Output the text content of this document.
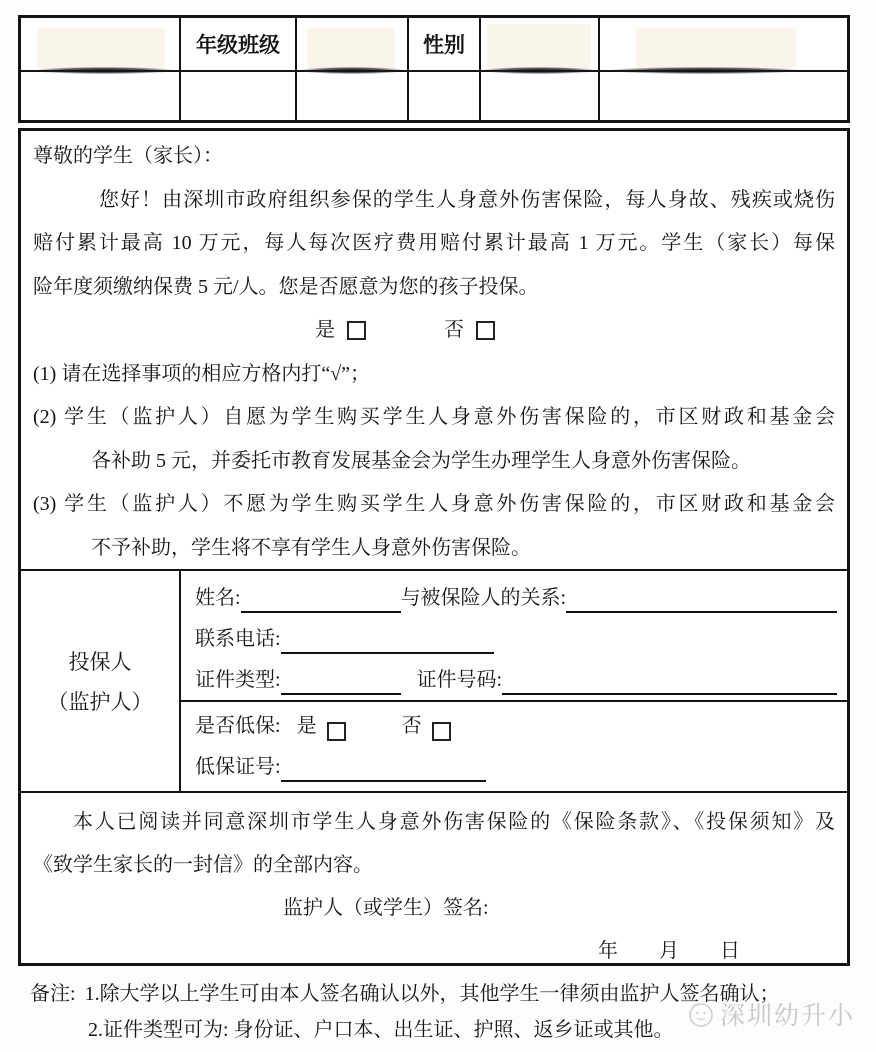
年级班级	性别
尊敬的学生（家长）：
您好！由深圳市政府组织参保的学生人身意外伤害保险，每人身故、残疾或烧伤
赔付累计最高 10 万元，每人每次医疗费用赔付累计最高 1 万元。学生（家长）每保
险年度须缴纳保费 5 元/人。您是否愿意为您的孩子投保。
是	否
(1) 请在选择事项的相应方格内打“√”；
(2) 学生（监护人）自愿为学生购买学生人身意外伤害保险的，市区财政和基金会
各补助 5 元，并委托市教育发展基金会为学生办理学生人身意外伤害保险。
(3) 学生（监护人）不愿为学生购买学生人身意外伤害保险的，市区财政和基金会
不予补助，学生将不享有学生人身意外伤害保险。
投保人
（监护人）
姓名:	与被保险人的关系:
联系电话:
证件类型:	证件号码:
是否低保: 是	否
低保证号:
本人已阅读并同意深圳市学生人身意外伤害保险的《保险条款》、《投保须知》及
《致学生家长的一封信》的全部内容。
监护人（或学生）签名:
年 月 日
备注: 1.除大学以上学生可由本人签名确认以外，其他学生一律须由监护人签名确认；
2.证件类型可为: 身份证、户口本、出生证、护照、返乡证或其他。	深圳幼升小
